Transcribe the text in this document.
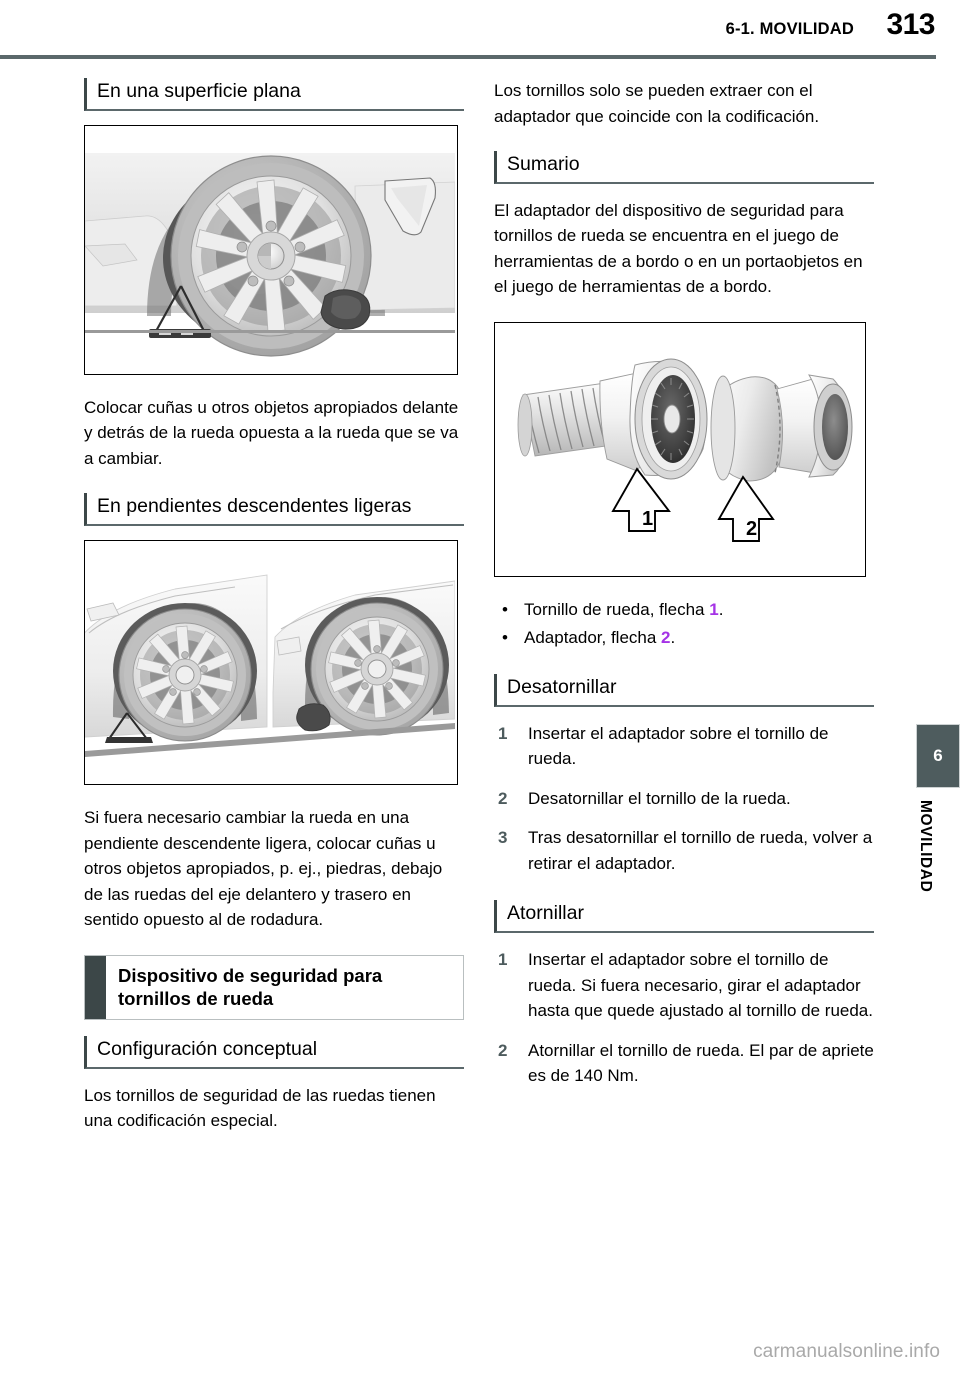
6-1. MOVILIDAD 313
En una superficie plana

Colocar cuñas u otros objetos apropiados delante y detrás de la rueda opuesta a la rueda que se va a cambiar.

En pendientes descendentes ligeras

Si fuera necesario cambiar la rueda en una pendiente descendente ligera, colocar cuñas u otros objetos apropiados, p. ej., piedras, debajo de las ruedas del eje delantero y trasero en sentido opuesto al de rodadura.

Dispositivo de seguridad para tornillos de rueda
Configuración conceptual

Los tornillos de seguridad de las ruedas tienen una codificación especial.

Los tornillos solo se pueden extraer con el adaptador que coincide con la codificación.

Sumario

El adaptador del dispositivo de seguridad para tornillos de rueda se encuentra en el juego de herramientas de a bordo o en un portaobjetos en el juego de herramientas de a bordo.

1	2
• Tornillo de rueda, flecha 1.
• Adaptador, flecha 2.
Desatornillar
1 Insertar el adaptador sobre el tornillo de rueda.
2 Desatornillar el tornillo de la rueda.
3 Tras desatornillar el tornillo de rueda, volver a retirar el adaptador.
Atornillar
1 Insertar el adaptador sobre el tornillo de rueda. Si fuera necesario, girar el adaptador hasta que quede ajustado al tornillo de rueda.
2 Atornillar el tornillo de rueda. El par de apriete es de 140 Nm.
6
MOVILIDAD
carmanualsonline.info
